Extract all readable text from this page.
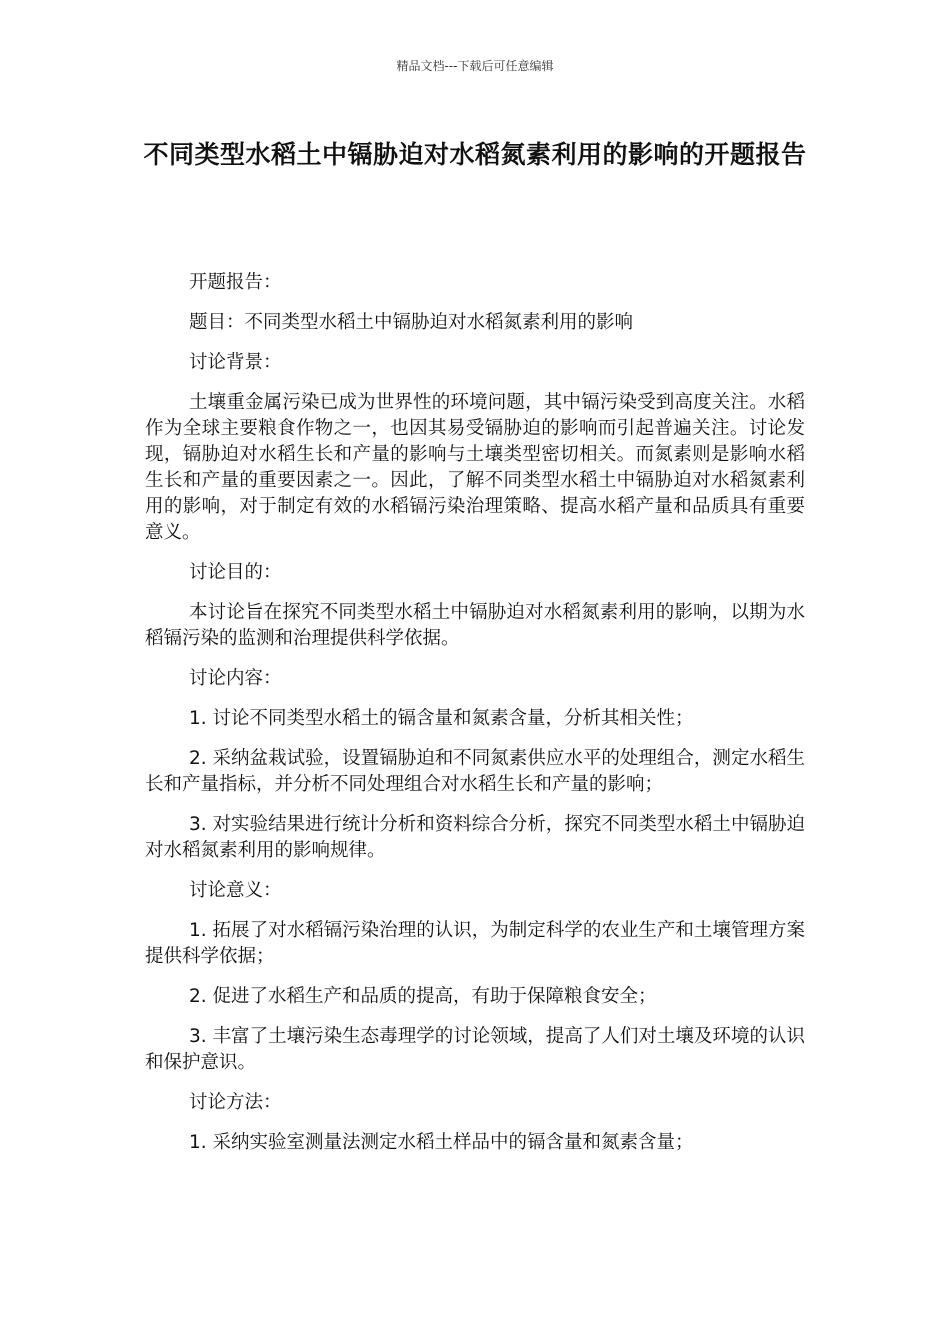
精品文档---下载后可任意编辑
不同类型水稻土中镉胁迫对水稻氮素利用的影响的开题报告

开题报告：

题目：不同类型水稻土中镉胁迫对水稻氮素利用的影响

讨论背景：

土壤重金属污染已成为世界性的环境问题，其中镉污染受到高度关注。水稻作为全球主要粮食作物之一，也因其易受镉胁迫的影响而引起普遍关注。讨论发现，镉胁迫对水稻生长和产量的影响与土壤类型密切相关。而氮素则是影响水稻生长和产量的重要因素之一。因此，了解不同类型水稻土中镉胁迫对水稻氮素利用的影响，对于制定有效的水稻镉污染治理策略、提高水稻产量和品质具有重要意义。

讨论目的：

本讨论旨在探究不同类型水稻土中镉胁迫对水稻氮素利用的影响，以期为水稻镉污染的监测和治理提供科学依据。

讨论内容：

1. 讨论不同类型水稻土的镉含量和氮素含量，分析其相关性；

2. 采纳盆栽试验，设置镉胁迫和不同氮素供应水平的处理组合，测定水稻生长和产量指标，并分析不同处理组合对水稻生长和产量的影响；

3. 对实验结果进行统计分析和资料综合分析，探究不同类型水稻土中镉胁迫对水稻氮素利用的影响规律。

讨论意义：

1. 拓展了对水稻镉污染治理的认识，为制定科学的农业生产和土壤管理方案提供科学依据；

2. 促进了水稻生产和品质的提高，有助于保障粮食安全；

3. 丰富了土壤污染生态毒理学的讨论领域，提高了人们对土壤及环境的认识和保护意识。

讨论方法：

1. 采纳实验室测量法测定水稻土样品中的镉含量和氮素含量；
